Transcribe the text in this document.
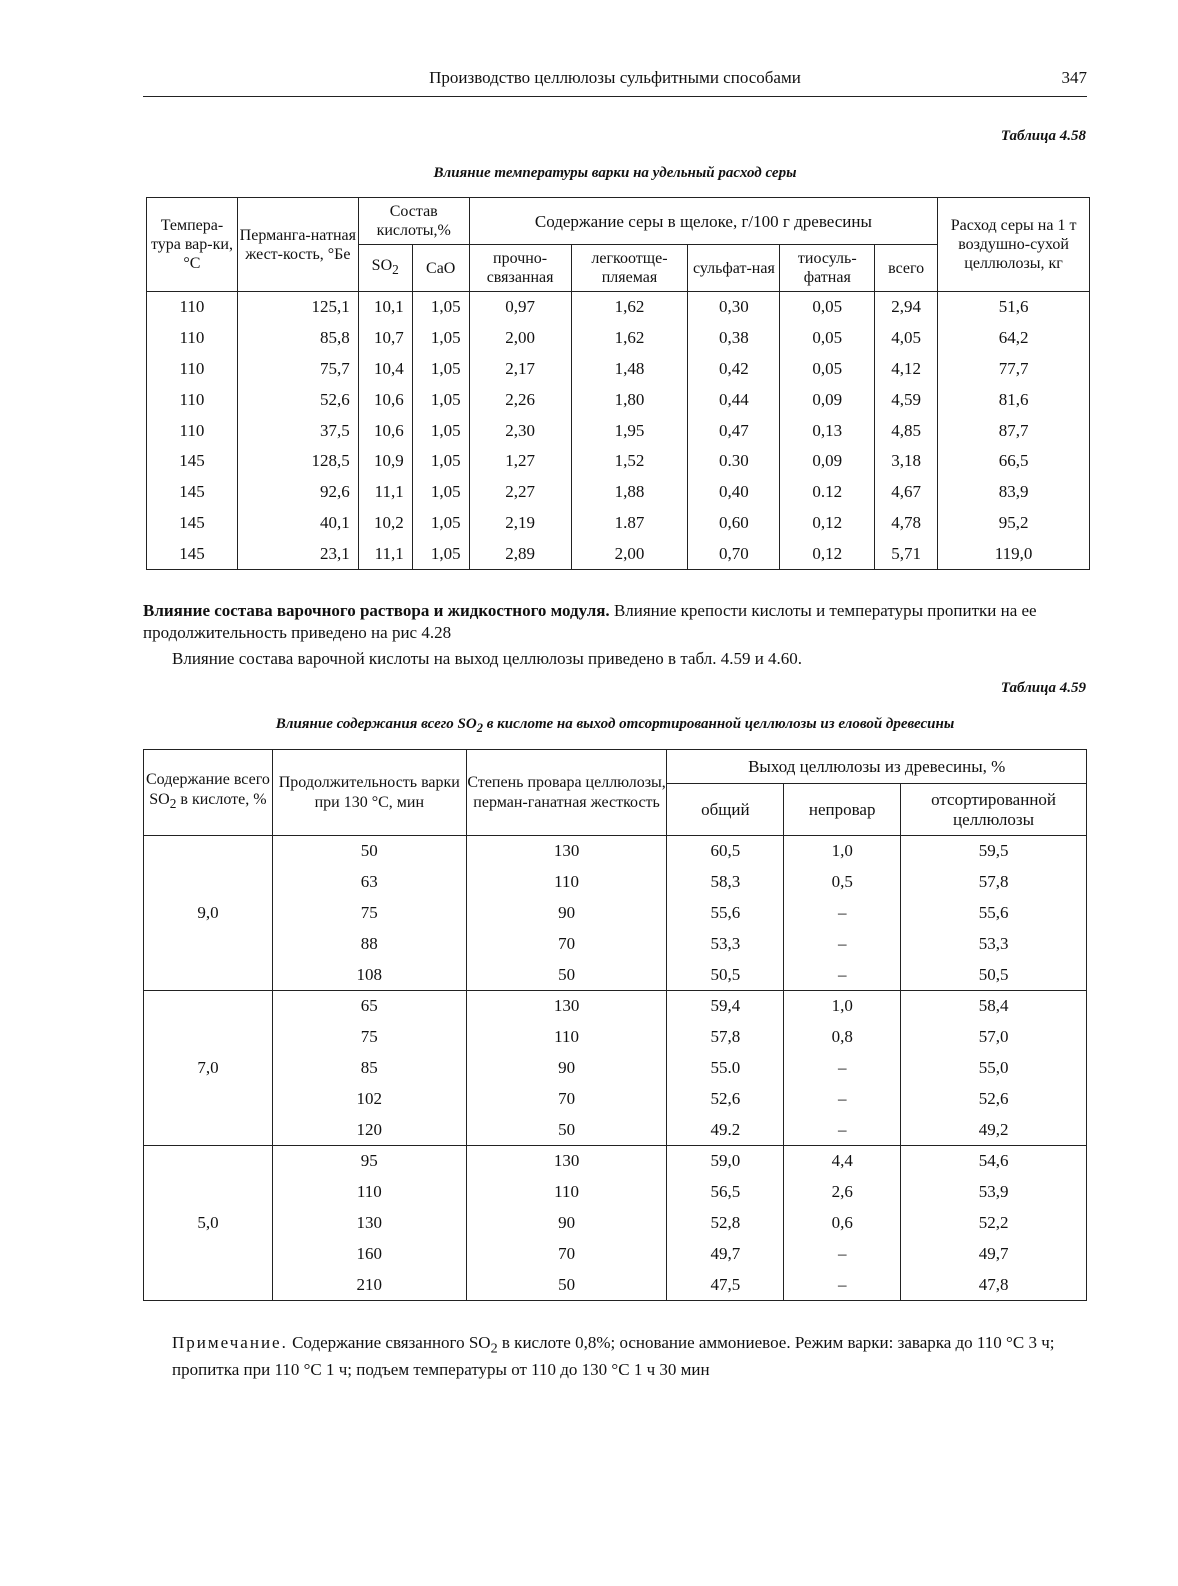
Производство целлюлозы сульфитными способами	347
Таблица 4.58
Влияние температуры варки на удельный расход серы
Темпера-тура вар-ки, °С	Перманга-натная жест-кость, °Бе	Состав кислоты,%		Содержание серы в щелоке, г/100 г древесины					Расход серы на 1 т воздушно-сухой целлюлозы, кг
		$SO_2$	CaO	прочно-связанная	легкоотще-пляемая	сульфат-ная	тиосуль-фатная	всего	
110	125,1	10,1	1,05	0,97	1,62	0,30	0,05	2,94	51,6
110	85,8	10,7	1,05	2,00	1,62	0,38	0,05	4,05	64,2
110	75,7	10,4	1,05	2,17	1,48	0,42	0,05	4,12	77,7
110	52,6	10,6	1,05	2,26	1,80	0,44	0,09	4,59	81,6
110	37,5	10,6	1,05	2,30	1,95	0,47	0,13	4,85	87,7
145	128,5	10,9	1,05	1,27	1,52	0.30	0,09	3,18	66,5
145	92,6	11,1	1,05	2,27	1,88	0,40	0.12	4,67	83,9
145	40,1	10,2	1,05	2,19	1.87	0,60	0,12	4,78	95,2
145	23,1	11,1	1,05	2,89	2,00	0,70	0,12	5,71	119,0
Влияние состава варочного раствора и жидкостного модуля. Влияние крепости кислоты и температуры пропитки на ее продолжительность приведено на рис 4.28
Влияние состава варочной кислоты на выход целлюлозы приведено в табл. 4.59 и 4.60.
Таблица 4.59
Влияние содержания всего $SO_2$ в кислоте на выход отсортированной целлюлозы из еловой древесины
Содержание всего $SO_2$ в кислоте, %	Продолжительность варки при 130 °С, мин	Степень провара целлюлозы, перман-ганатная жесткость	Выход целлюлозы из древесины, %		
			общий	непровар	отсортированной целлюлозы
9,0	50	130	60,5	1,0	59,5
	63	110	58,3	0,5	57,8
	75	90	55,6	–	55,6
	88	70	53,3	–	53,3
	108	50	50,5	–	50,5
7,0	65	130	59,4	1,0	58,4
	75	110	57,8	0,8	57,0
	85	90	55.0	–	55,0
	102	70	52,6	–	52,6
	120	50	49.2	–	49,2
5,0	95	130	59,0	4,4	54,6
	110	110	56,5	2,6	53,9
	130	90	52,8	0,6	52,2
	160	70	49,7	–	49,7
	210	50	47,5	–	47,8
Примечание. Содержание связанного $SO_2$ в кислоте 0,8%; основание аммониевое. Режим варки: заварка до 110 °С 3 ч; пропитка при 110 °С 1 ч; подъем температуры от 110 до 130 °С 1 ч 30 мин
